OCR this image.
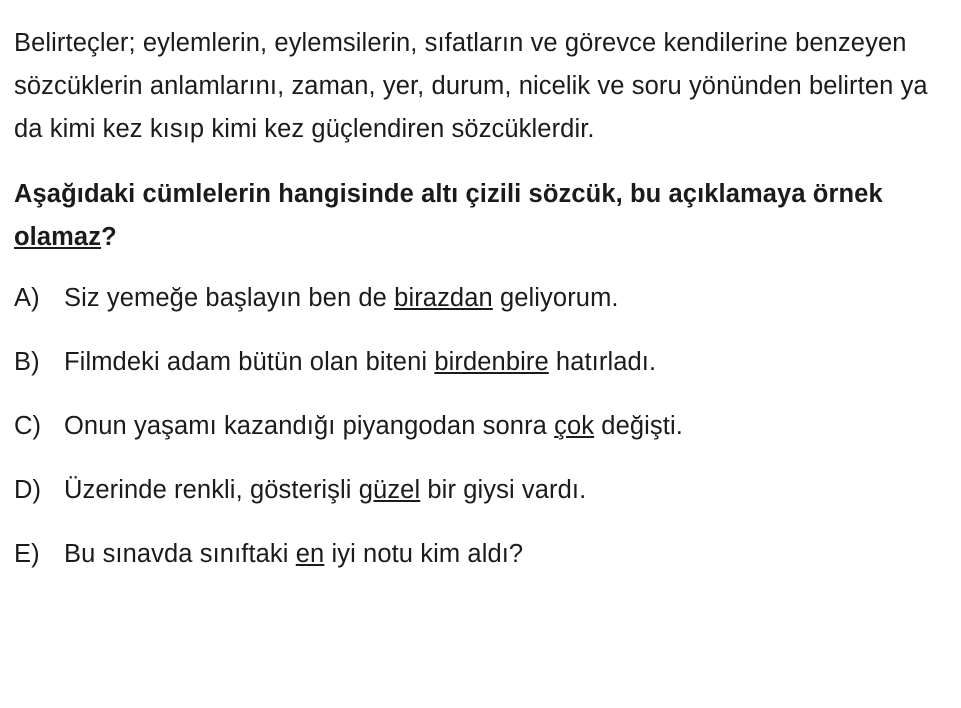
Belirteçler; eylemlerin, eylemsilerin, sıfatların ve görevce kendilerine benzeyen sözcüklerin anlamlarını, zaman, yer, durum, nicelik ve soru yönünden belirten ya da kimi kez kısıp kimi kez güçlendiren sözcüklerdir.

Aşağıdaki cümlelerin hangisinde altı çizili sözcük, bu açıklamaya örnek olamaz?

A) Siz yemeğe başlayın ben de birazdan geliyorum.
B) Filmdeki adam bütün olan biteni birdenbire hatırladı.
C) Onun yaşamı kazandığı piyangodan sonra çok değişti.
D) Üzerinde renkli, gösterişli güzel bir giysi vardı.
E) Bu sınavda sınıftaki en iyi notu kim aldı?
